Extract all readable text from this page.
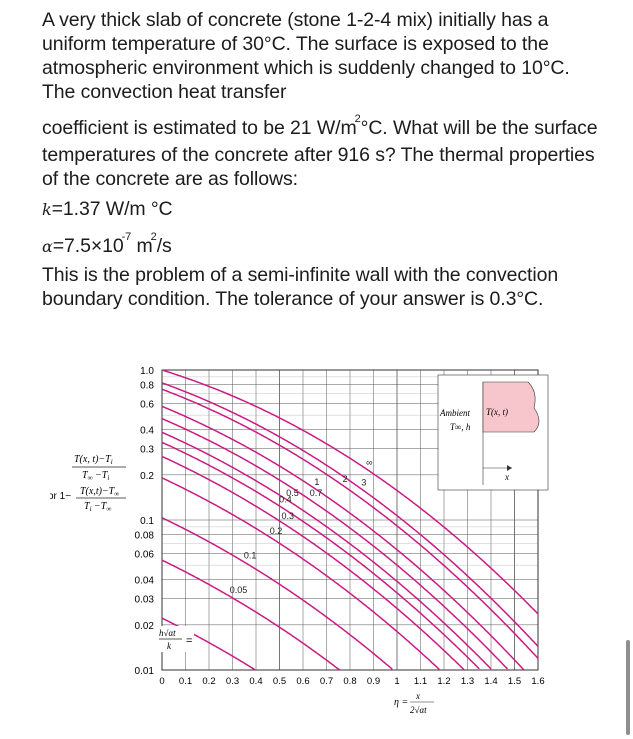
A very thick slab of concrete (stone 1-2-4 mix) initially has a uniform temperature of 30°C. The surface is exposed to the atmospheric environment which is suddenly changed to 10°C. The convection heat transfer

coefficient is estimated to be 21 $W/m^2^\circ C$. What will be the surface temperatures of the concrete after 916 s? The thermal properties of the concrete are as follows:

k=1.37 W/m °C
$\alpha=7.5\times 10^{-7}$ $m^2/s$

This is the problem of a semi-infinite wall with the convection boundary condition. The tolerance of your answer is 0.3°C.

1.0
0.8
0.6
0.4
0.3
0.2
0.1
0.08
0.06
0.04
0.03
0.02
0.01
0 0.1 0.2 0.3 0.4 0.5 0.6 0.7 0.8 0.9 1 1.1 1.2 1.3 1.4 1.5 1.6
0.05
0.1
0.2
0.3
0.4
0.5 0.7
1	2 3
∞
T(x, $t)-T_i$
$T_\infty -T_i$
or $1- T(x,t)-T_\infty$
$T_i -T_\infty$
h√αt
k =
Ambient
T∞, h
T(x, t)
x
η =
x
2√αt
